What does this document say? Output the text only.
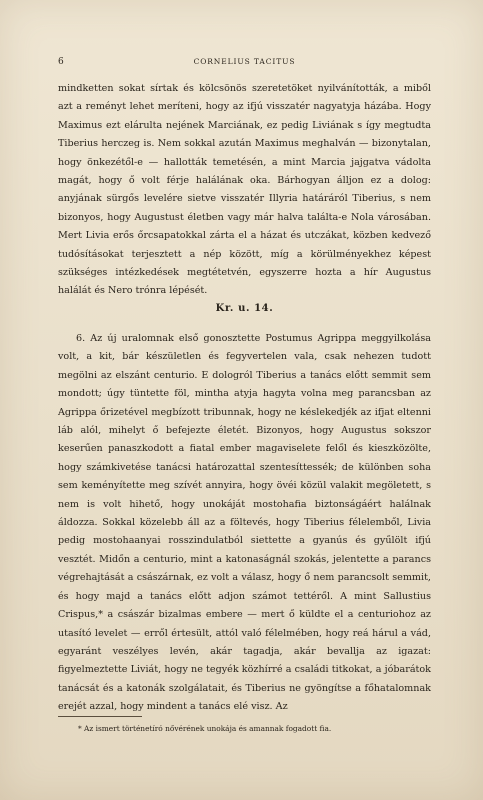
6	CORNELIUS TACITUS

mindketten sokat sírtak és kölcsönös szeretetöket nyilvánították, a miből azt a reményt lehet meríteni, hogy az ifjú visszatér nagyatyja házába. Hogy Maximus ezt elárulta nejének Marciának, ez pedig Liviának s így megtudta Tiberius herczeg is. Nem sokkal azután Maximus meghalván — bizonytalan, hogy önkezétől-e — hallották temetésén, a mint Marcia jajgatva vádolta magát, hogy ő volt férje halálának oka. Bárhogyan álljon ez a dolog: anyjának sürgős levelére sietve visszatér Illyria határáról Tiberius, s nem bizonyos, hogy Augustust életben vagy már halva találta-e Nola városában. Mert Livia erős őrcsapatokkal zárta el a házat és utczákat, közben kedvező tudósításokat terjesztett a nép között, míg a körülményekhez képest szükséges intézkedések megtétetvén, egyszerre hozta a hír Augustus halálát és Nero trónra lépését.

Kr. u. 14.

6. Az új uralomnak első gonosztette Postumus Agrippa meggyilkolása volt, a kit, bár készületlen és fegyvertelen vala, csak nehezen tudott megölni az elszánt centurio. E dologról Tiberius a tanács előtt semmit sem mondott; úgy tüntette föl, mintha atyja hagyta volna meg parancsban az Agrippa őrizetével megbízott tribunnak, hogy ne késlekedjék az ifjat eltenni láb alól, mihelyt ő befejezte életét. Bizonyos, hogy Augustus sokszor keserűen panaszkodott a fiatal ember magaviselete felől és kieszközölte, hogy számkivetése tanácsi határozattal szentesíttessék; de különben soha sem keményítette meg szívét annyira, hogy övéi közül valakit megöletett, s nem is volt hihető, hogy unokáját mostohafia biztonságáért halálnak áldozza. Sokkal közelebb áll az a föltevés, hogy Tiberius félelemből, Livia pedig mostohaanyai rosszindulatból siettette a gyanús és gyűlölt ifjú vesztét. Midőn a centurio, mint a katonaságnál szokás, jelentette a parancs végrehajtását a császárnak, ez volt a válasz, hogy ő nem parancsolt semmit, és hogy majd a tanács előtt adjon számot tettéről. A mint Sallustius Crispus,* a császár bizalmas embere — mert ő küldte el a centuriohoz az utasító levelet — erről értesült, attól való félelmében, hogy reá hárul a vád, egyaránt veszélyes levén, akár tagadja, akár bevallja az igazat: figyelmeztette Liviát, hogy ne tegyék közhírré a családi titkokat, a jóbarátok tanácsát és a katonák szolgálatait, és Tiberius ne gyöngítse a főhatalomnak erejét azzal, hogy mindent a tanács elé visz. Az

* Az ismert történetíró nővérének unokája és amannak fogadott fia.
